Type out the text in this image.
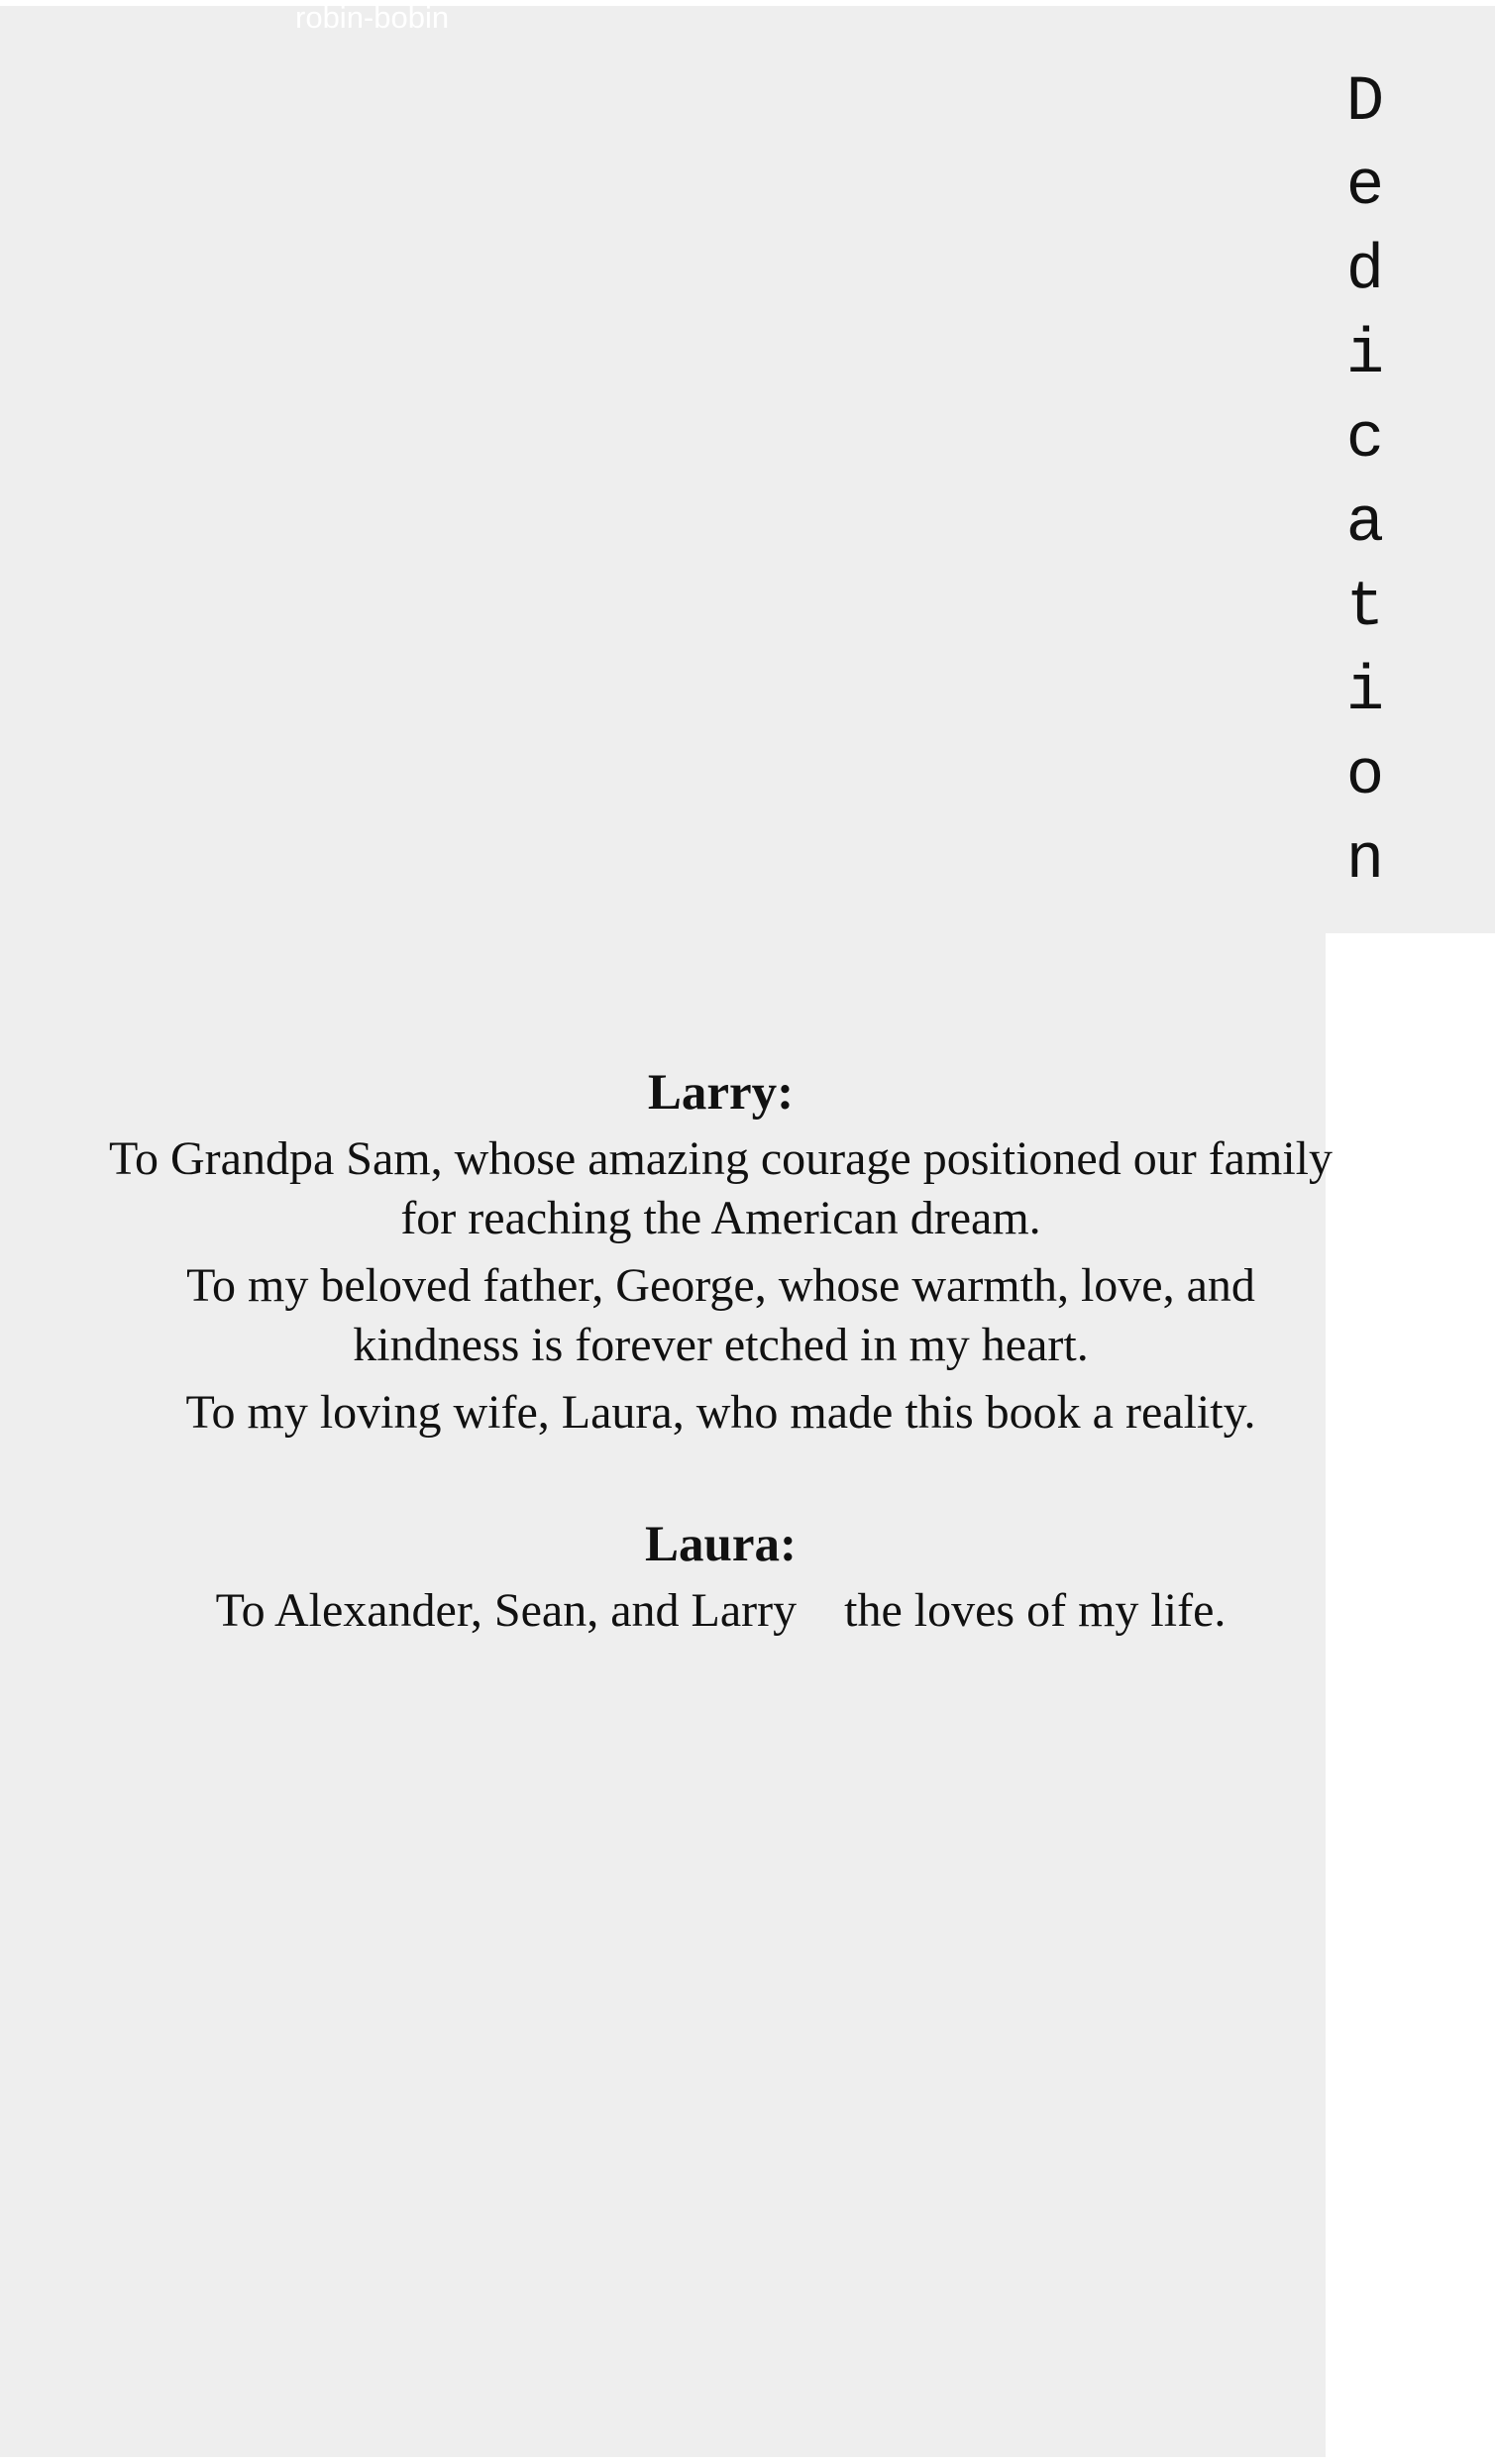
robin-bobin
D
e
d
i
c
a
t
i
o
n

Larry:

To Grandpa Sam, whose amazing courage positioned our family for reaching the American dream.

To my beloved father, George, whose warmth, love, and kindness is forever etched in my heart.

To my loving wife, Laura, who made this book a reality.

Laura:

To Alexander, Sean, and Larry the loves of my life.
